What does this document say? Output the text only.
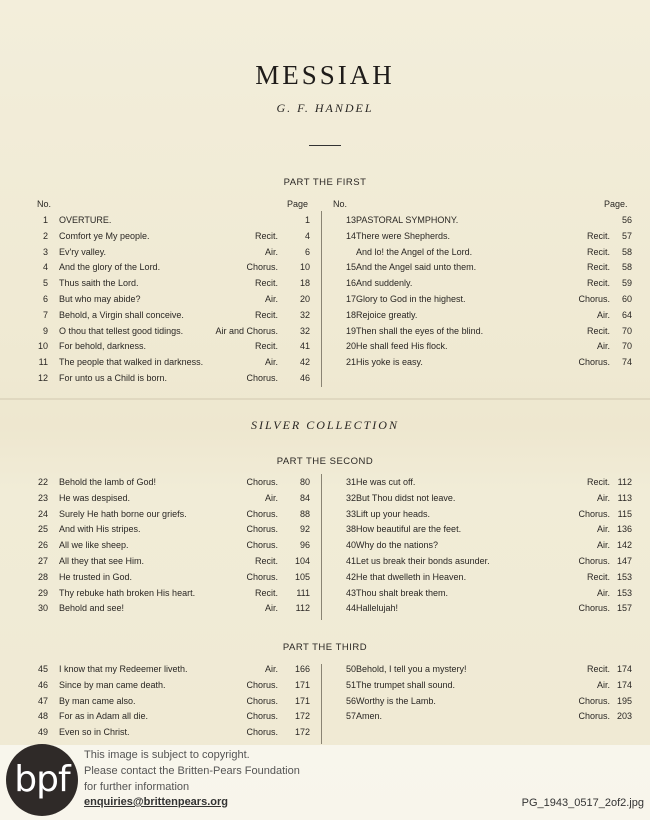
MESSIAH
G. F. HANDEL
PART THE FIRST
No.	Page	No.	Page.
1 OVERTURE.	1
2 Comfort ye My people.	Recit.	4
3 Ev'ry valley.	Air.	6
4 And the glory of the Lord.	Chorus.	10
5 Thus saith the Lord.	Recit.	18
6 But who may abide?	Air.	20
7 Behold, a Virgin shall conceive.	Recit.	32
9 O thou that tellest good tidings.	Air and Chorus.	32
10 For behold, darkness.	Recit.	41
11 The people that walked in darkness.	Air.	42
12 For unto us a Child is born.	Chorus.	46
13 PASTORAL SYMPHONY.	56
14 There were Shepherds.	Recit.	57
And lo! the Angel of the Lord.	Recit.	58
15 And the Angel said unto them.	Recit.	58
16 And suddenly.	Recit.	59
17 Glory to God in the highest.	Chorus.	60
18 Rejoice greatly.	Air.	64
19 Then shall the eyes of the blind.	Recit.	70
20 He shall feed His flock.	Air.	70
21 His yoke is easy.	Chorus.	74
SILVER COLLECTION
PART THE SECOND
22 Behold the lamb of God!	Chorus.	80
23 He was despised.	Air.	84
24 Surely He hath borne our griefs.	Chorus.	88
25 And with His stripes.	Chorus.	92
26 All we like sheep.	Chorus.	96
27 All they that see Him.	Recit.	104
28 He trusted in God.	Chorus.	105
29 Thy rebuke hath broken His heart.	Recit.	111
30 Behold and see!	Air.	112
31 He was cut off.	Recit. 112
32 But Thou didst not leave.	Air. 113
33 Lift up your heads.	Chorus. 115
38 How beautiful are the feet.	Air. 136
40 Why do the nations?	Air. 142
41 Let us break their bonds asunder.	Chorus. 147
42 He that dwelleth in Heaven.	Recit. 153
43 Thou shalt break them.	Air. 153
44 Hallelujah!	Chorus. 157
PART THE THIRD
45 I know that my Redeemer liveth.	Air.	166
46 Since by man came death.	Chorus.	171
47 By man came also.	Chorus.	171
48 For as in Adam all die.	Chorus.	172
49 Even so in Christ.	Chorus.	172
50 Behold, I tell you a mystery!	Recit. 174
51 The trumpet shall sound.	Air. 174
56 Worthy is the Lamb.	Chorus. 195
57 Amen.	Chorus. 203
bpf
This image is subject to copyright.
Please contact the Britten-Pears Foundation
for further information
enquiries@brittenpears.org	PG_1943_0517_2of2.jpg
